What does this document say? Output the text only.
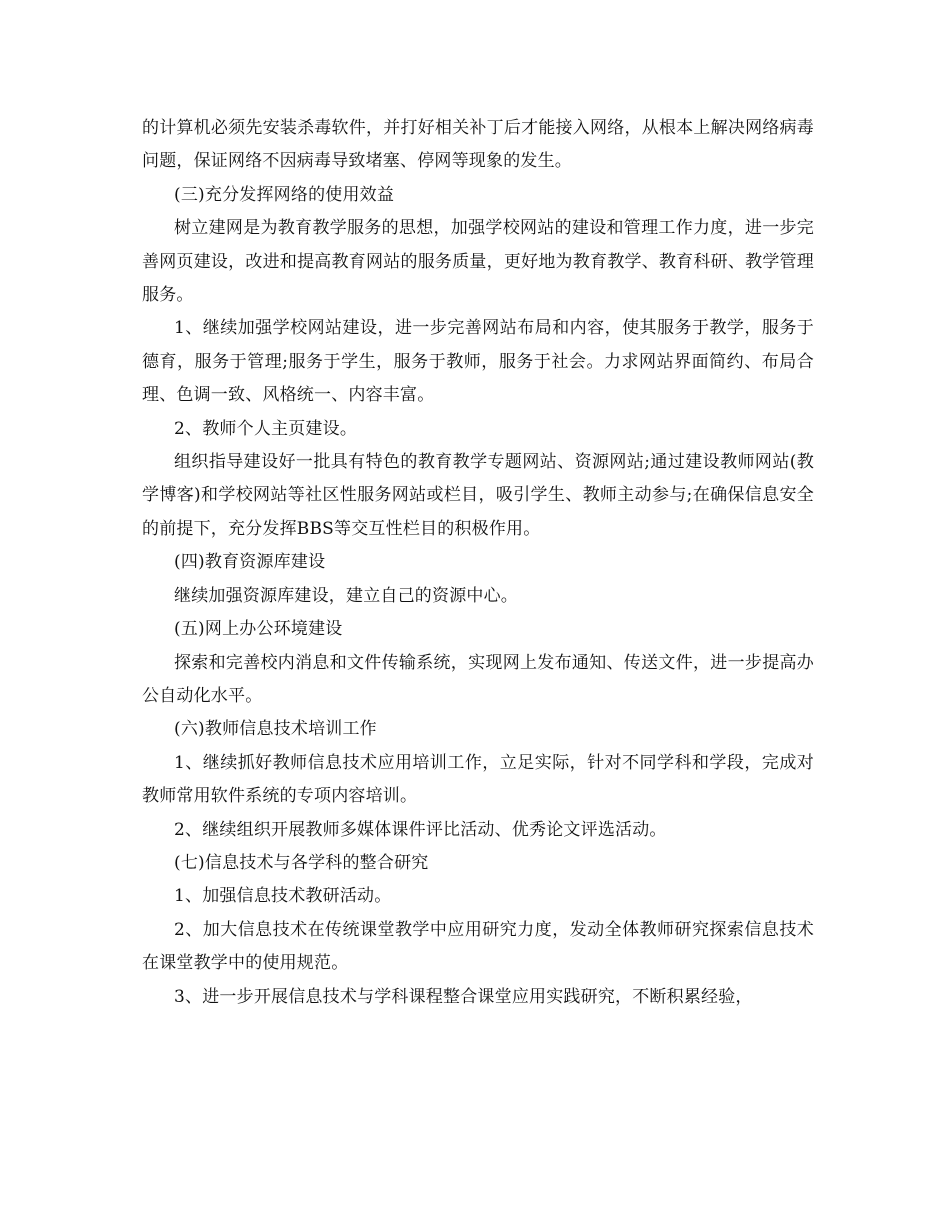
的计算机必须先安装杀毒软件，并打好相关补丁后才能接入网络，从根本上解决网络病毒问题，保证网络不因病毒导致堵塞、停网等现象的发生。

(三)充分发挥网络的使用效益

树立建网是为教育教学服务的思想，加强学校网站的建设和管理工作力度，进一步完善网页建设，改进和提高教育网站的服务质量，更好地为教育教学、教育科研、教学管理服务。

1、继续加强学校网站建设，进一步完善网站布局和内容，使其服务于教学，服务于德育，服务于管理;服务于学生，服务于教师，服务于社会。力求网站界面简约、布局合理、色调一致、风格统一、内容丰富。

2、教师个人主页建设。

组织指导建设好一批具有特色的教育教学专题网站、资源网站;通过建设教师网站(教学博客)和学校网站等社区性服务网站或栏目，吸引学生、教师主动参与;在确保信息安全的前提下，充分发挥BBS等交互性栏目的积极作用。

(四)教育资源库建设

继续加强资源库建设，建立自己的资源中心。

(五)网上办公环境建设

探索和完善校内消息和文件传输系统，实现网上发布通知、传送文件，进一步提高办公自动化水平。

(六)教师信息技术培训工作

1、继续抓好教师信息技术应用培训工作，立足实际，针对不同学科和学段，完成对教师常用软件系统的专项内容培训。

2、继续组织开展教师多媒体课件评比活动、优秀论文评选活动。

(七)信息技术与各学科的整合研究

1、加强信息技术教研活动。

2、加大信息技术在传统课堂教学中应用研究力度，发动全体教师研究探索信息技术在课堂教学中的使用规范。

3、进一步开展信息技术与学科课程整合课堂应用实践研究，不断积累经验，
